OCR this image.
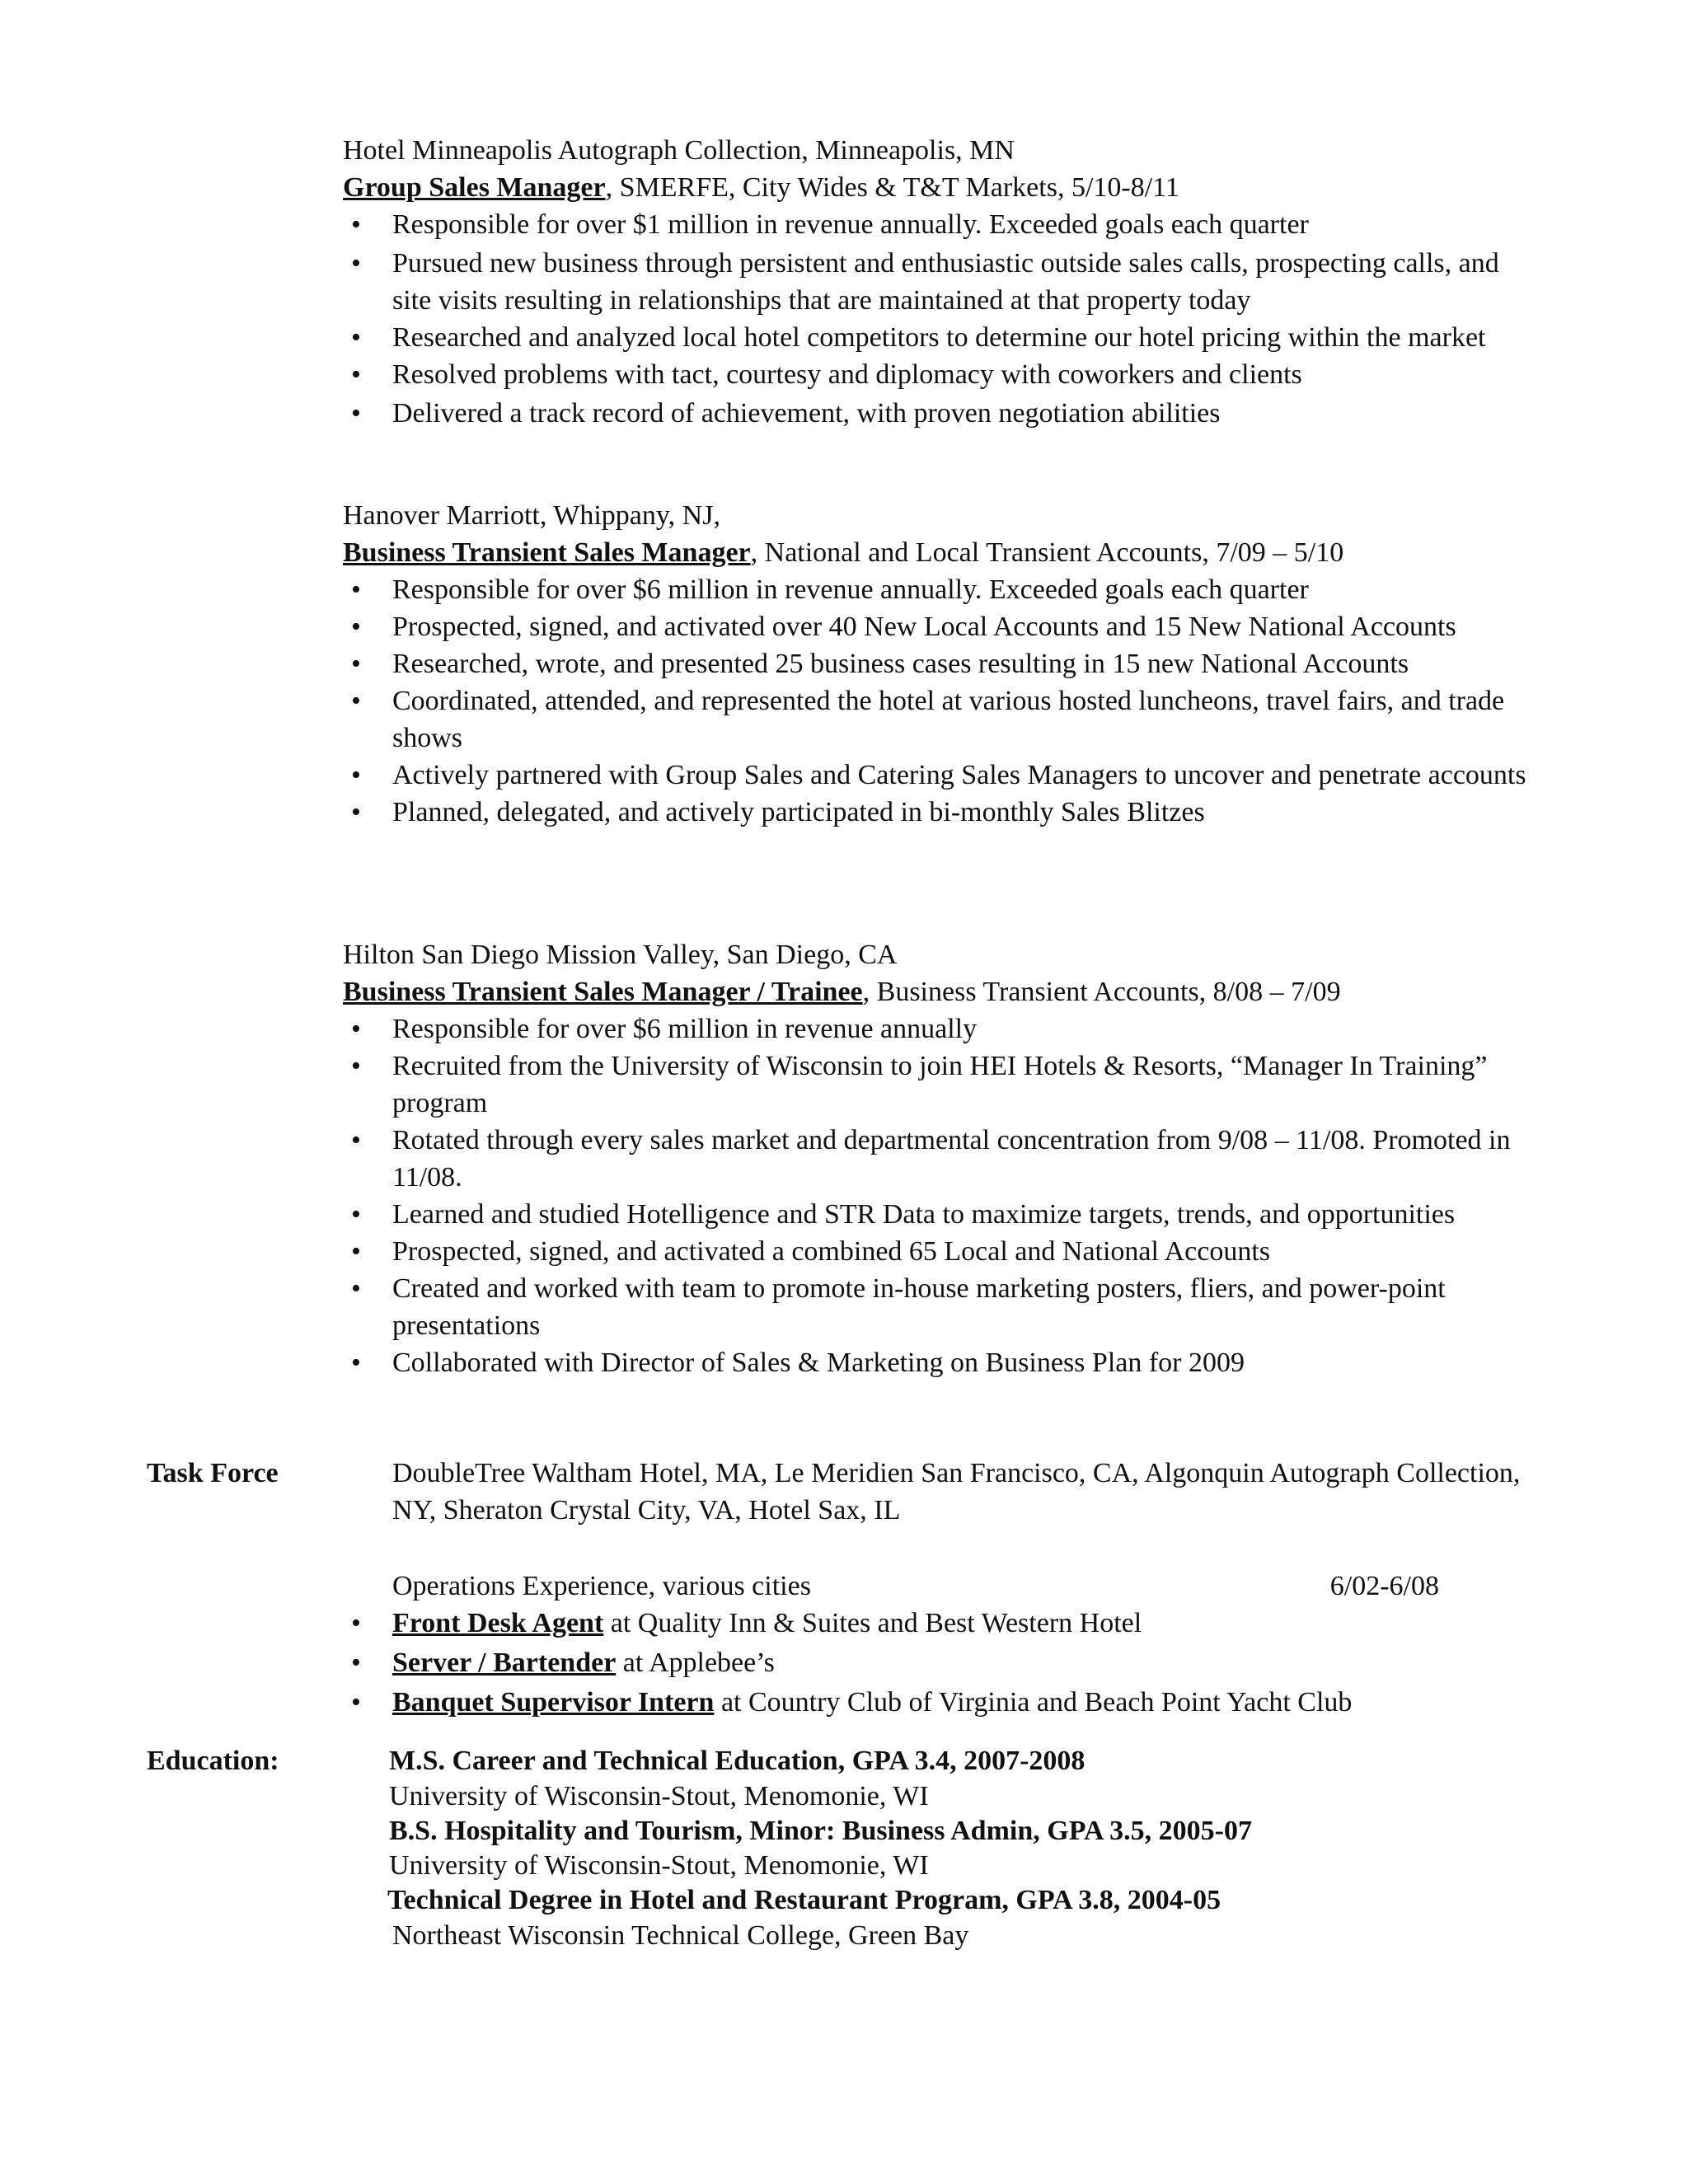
Hotel Minneapolis Autograph Collection, Minneapolis, MN
Group Sales Manager, SMERFE, City Wides & T&T Markets, 5/10-8/11
• Responsible for over $1 million in revenue annually. Exceeded goals each quarter
• Pursued new business through persistent and enthusiastic outside sales calls, prospecting calls, and site visits resulting in relationships that are maintained at that property today
• Researched and analyzed local hotel competitors to determine our hotel pricing within the market
• Resolved problems with tact, courtesy and diplomacy with coworkers and clients
• Delivered a track record of achievement, with proven negotiation abilities
Hanover Marriott, Whippany, NJ,
Business Transient Sales Manager, National and Local Transient Accounts, 7/09 – 5/10
• Responsible for over $6 million in revenue annually. Exceeded goals each quarter
• Prospected, signed, and activated over 40 New Local Accounts and 15 New National Accounts
• Researched, wrote, and presented 25 business cases resulting in 15 new National Accounts
• Coordinated, attended, and represented the hotel at various hosted luncheons, travel fairs, and trade shows
• Actively partnered with Group Sales and Catering Sales Managers to uncover and penetrate accounts
• Planned, delegated, and actively participated in bi-monthly Sales Blitzes
Hilton San Diego Mission Valley, San Diego, CA
Business Transient Sales Manager / Trainee, Business Transient Accounts, 8/08 – 7/09
• Responsible for over $6 million in revenue annually
• Recruited from the University of Wisconsin to join HEI Hotels & Resorts, “Manager In Training” program
• Rotated through every sales market and departmental concentration from 9/08 – 11/08. Promoted in 11/08.
• Learned and studied Hotelligence and STR Data to maximize targets, trends, and opportunities
• Prospected, signed, and activated a combined 65 Local and National Accounts
• Created and worked with team to promote in-house marketing posters, fliers, and power-point presentations
• Collaborated with Director of Sales & Marketing on Business Plan for 2009
Task Force	DoubleTree Waltham Hotel, MA, Le Meridien San Francisco, CA, Algonquin Autograph Collection, NY, Sheraton Crystal City, VA, Hotel Sax, IL
Operations Experience, various cities	6/02-6/08
• Front Desk Agent at Quality Inn & Suites and Best Western Hotel
• Server / Bartender at Applebee’s
• Banquet Supervisor Intern at Country Club of Virginia and Beach Point Yacht Club
Education:	M.S. Career and Technical Education, GPA 3.4, 2007-2008
University of Wisconsin-Stout, Menomonie, WI
B.S. Hospitality and Tourism, Minor: Business Admin, GPA 3.5, 2005-07
University of Wisconsin-Stout, Menomonie, WI
Technical Degree in Hotel and Restaurant Program, GPA 3.8, 2004-05
Northeast Wisconsin Technical College, Green Bay
